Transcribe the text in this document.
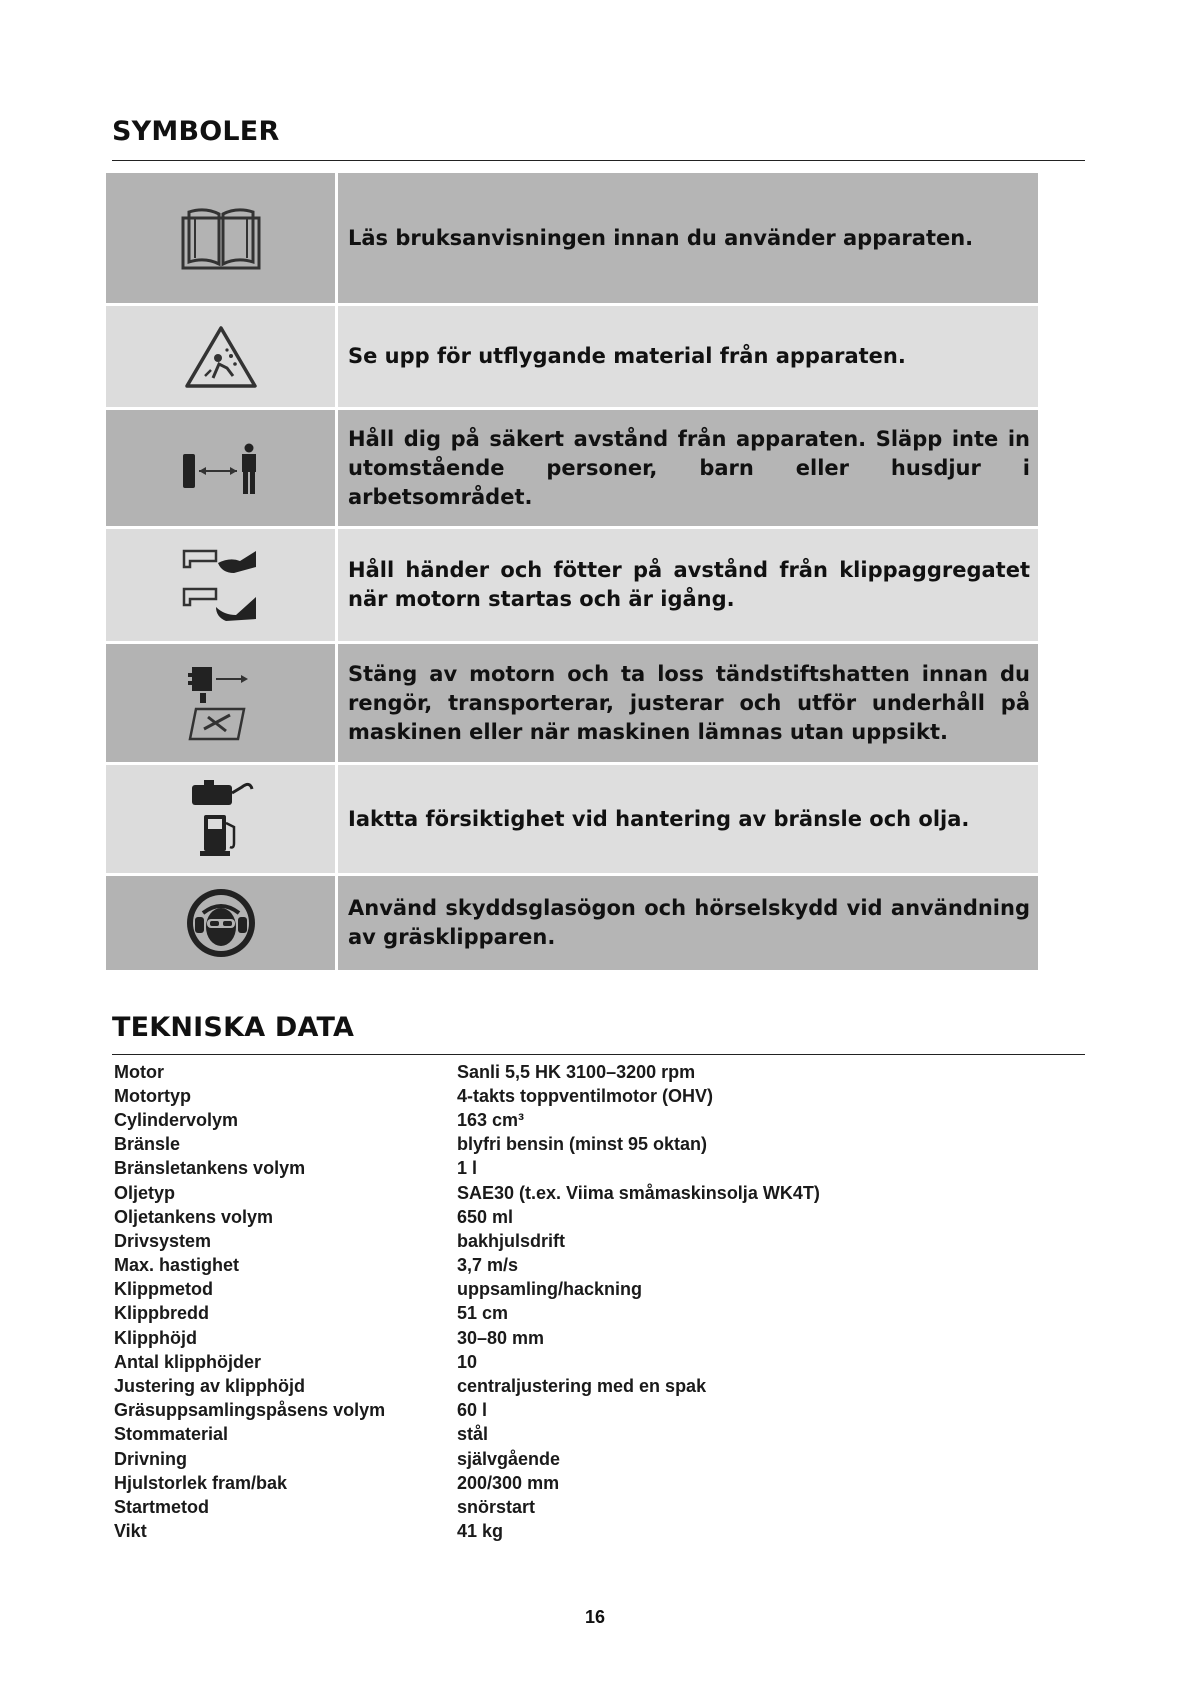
SYMBOLER
Läs bruksanvisningen innan du använder apparaten.
Se upp för utflygande material från apparaten.
Håll dig på säkert avstånd från apparaten. Släpp inte in utomstående personer, barn eller husdjur i arbetsområdet.
Håll händer och fötter på avstånd från klippaggregatet när motorn startas och är igång.
Stäng av motorn och ta loss tändstiftshatten innan du rengör, transporterar, justerar och utför underhåll på maskinen eller när maskinen lämnas utan uppsikt.
Iaktta försiktighet vid hantering av bränsle och olja.
Använd skyddsglasögon och hörselskydd vid användning av gräsklipparen.
TEKNISKA DATA
Motor	Sanli 5,5 HK 3100–3200 rpm
Motortyp	4-takts toppventilmotor (OHV)
Cylindervolym	163 cm³
Bränsle	blyfri bensin (minst 95 oktan)
Bränsletankens volym	1 l
Oljetyp	SAE30 (t.ex. Viima småmaskinsolja WK4T)
Oljetankens volym	650 ml
Drivsystem	bakhjulsdrift
Max. hastighet	3,7 m/s
Klippmetod	uppsamling/hackning
Klippbredd	51 cm
Klipphöjd	30–80 mm
Antal klipphöjder	10
Justering av klipphöjd	centraljustering med en spak
Gräsuppsamlingspåsens volym	60 l
Stommaterial	stål
Drivning	självgående
Hjulstorlek fram/bak	200/300 mm
Startmetod	snörstart
Vikt	41 kg
16
